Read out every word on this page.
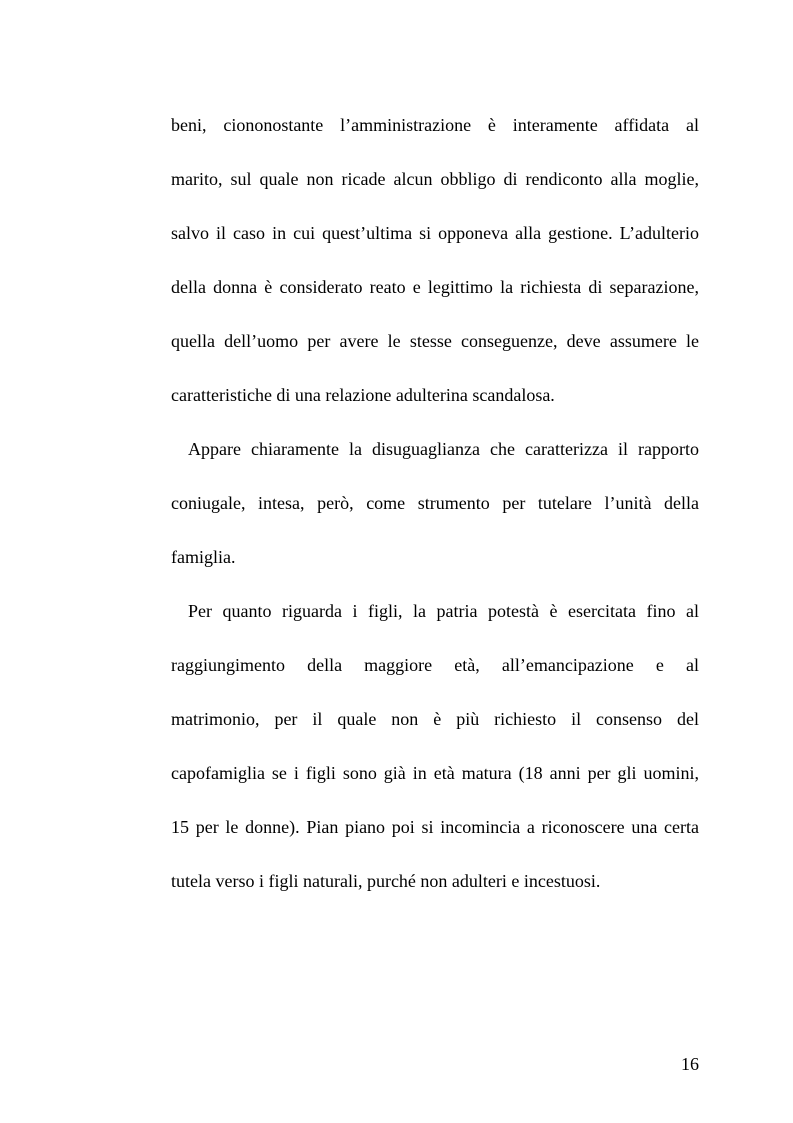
beni, ciononostante l’amministrazione è interamente affidata al
marito, sul quale non ricade alcun obbligo di rendiconto alla moglie,
salvo il caso in cui quest’ultima si opponeva alla gestione. L’adulterio
della donna è considerato reato e legittimo la richiesta di separazione,
quella dell’uomo per avere le stesse conseguenze, deve assumere le
caratteristiche di una relazione adulterina scandalosa.
Appare chiaramente la disuguaglianza che caratterizza il rapporto
coniugale, intesa, però, come strumento per tutelare l’unità della
famiglia.
Per quanto riguarda i figli, la patria potestà è esercitata fino al
raggiungimento della maggiore età, all’emancipazione e al
matrimonio, per il quale non è più richiesto il consenso del
capofamiglia se i figli sono già in età matura (18 anni per gli uomini,
15 per le donne). Pian piano poi si incomincia a riconoscere una certa
tutela verso i figli naturali, purché non adulteri e incestuosi.
16
